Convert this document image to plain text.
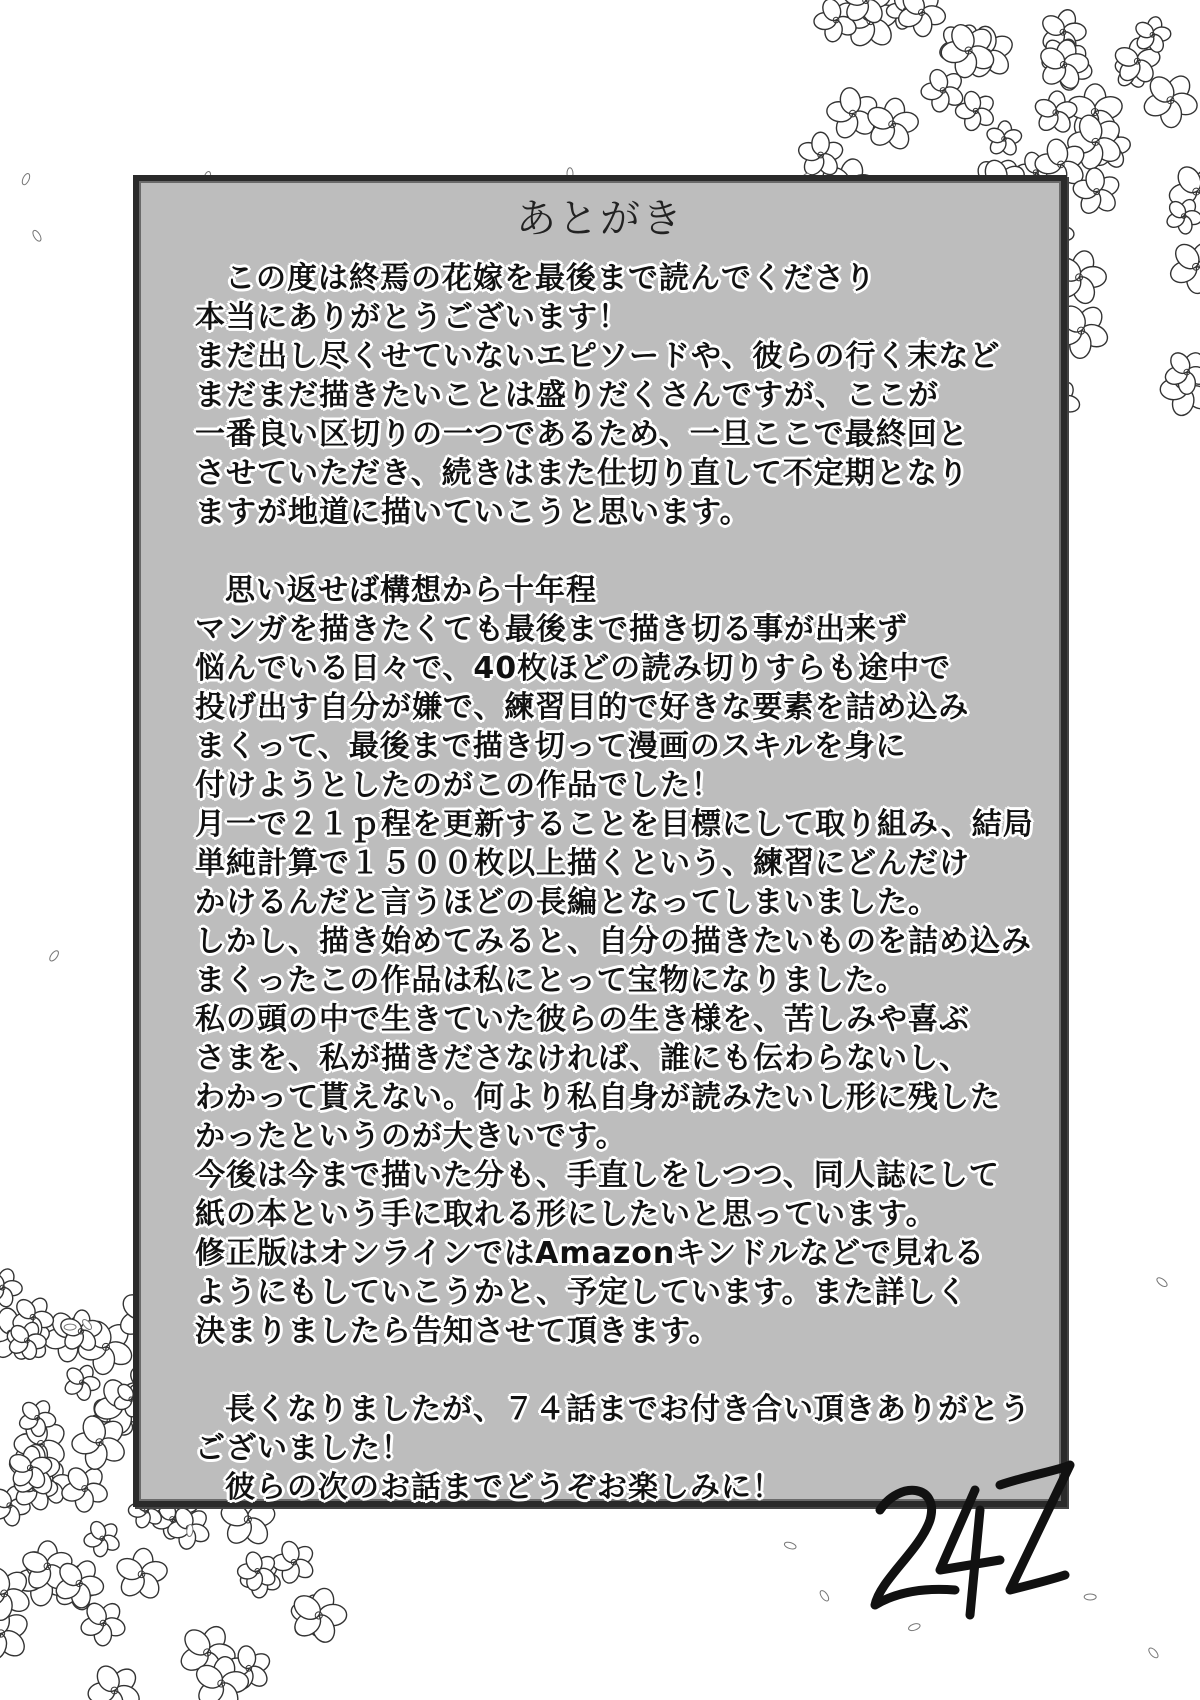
あとがき
この度は終焉の花嫁を最後まで読んでくださり
本当にありがとうございます！
まだ出し尽くせていないエピソードや、彼らの行く末など
まだまだ描きたいことは盛りだくさんですが、ここが
一番良い区切りの一つであるため、一旦ここで最終回と
させていただき、続きはまた仕切り直して不定期となり
ますが地道に描いていこうと思います。
思い返せば構想から十年程
マンガを描きたくても最後まで描き切る事が出来ず
悩んでいる日々で、40枚ほどの読み切りすらも途中で
投げ出す自分が嫌で、練習目的で好きな要素を詰め込み
まくって、最後まで描き切って漫画のスキルを身に
付けようとしたのがこの作品でした！
月一で２１ｐ程を更新することを目標にして取り組み、結局
単純計算で１５００枚以上描くという、練習にどんだけ
かけるんだと言うほどの長編となってしまいました。
しかし、描き始めてみると、自分の描きたいものを詰め込み
まくったこの作品は私にとって宝物になりました。
私の頭の中で生きていた彼らの生き様を、苦しみや喜ぶ
さまを、私が描きださなければ、誰にも伝わらないし、
わかって貰えない。何より私自身が読みたいし形に残した
かったというのが大きいです。
今後は今まで描いた分も、手直しをしつつ、同人誌にして
紙の本という手に取れる形にしたいと思っています。
修正版はオンラインではAmazonキンドルなどで見れる
ようにもしていこうかと、予定しています。また詳しく
決まりましたら告知させて頂きます。
長くなりましたが、７４話までお付き合い頂きありがとう
ございました！
彼らの次のお話までどうぞお楽しみに！
